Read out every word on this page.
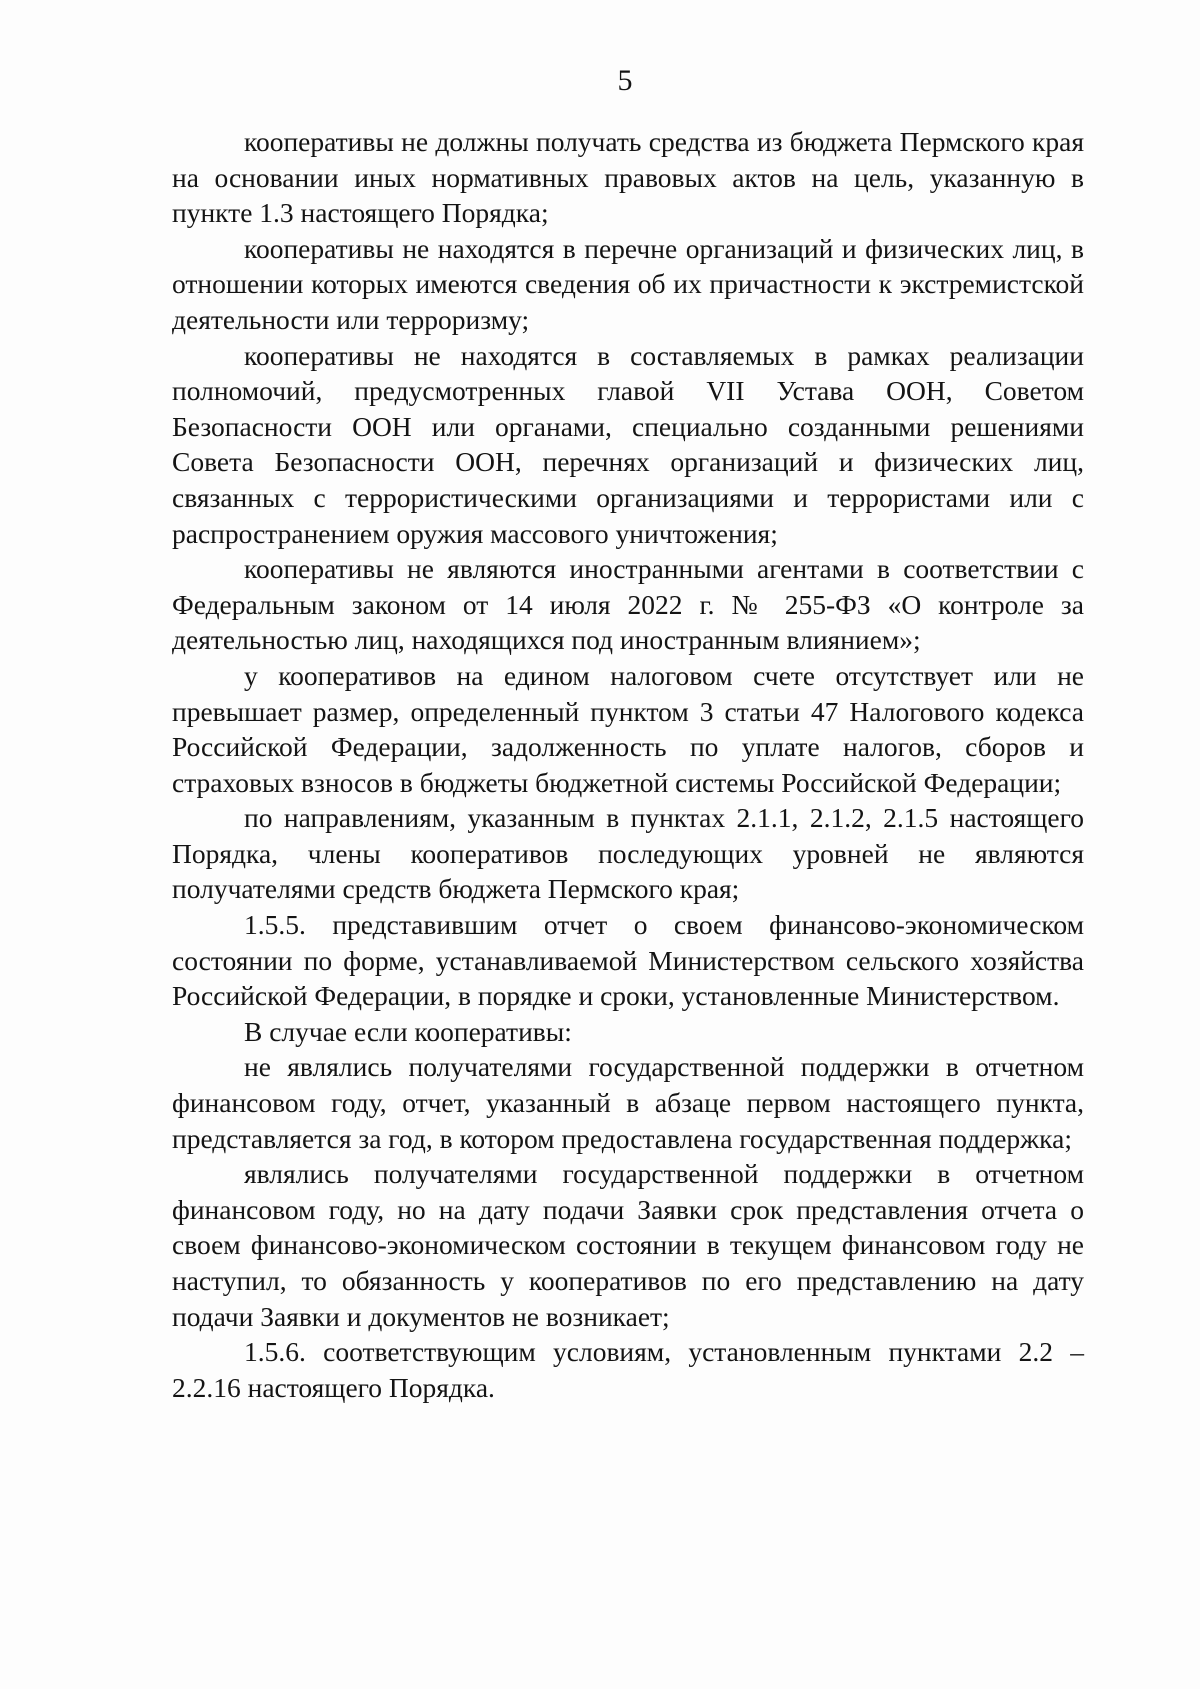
5

кооперативы не должны получать средства из бюджета Пермского края на основании иных нормативных правовых актов на цель, указанную в пункте 1.3 настоящего Порядка;

кооперативы не находятся в перечне организаций и физических лиц, в отношении которых имеются сведения об их причастности к экстремистской деятельности или терроризму;

кооперативы не находятся в составляемых в рамках реализации полномочий, предусмотренных главой VII Устава ООН, Советом Безопасности ООН или органами, специально созданными решениями Совета Безопасности ООН, перечнях организаций и физических лиц, связанных с террористическими организациями и террористами или с распространением оружия массового уничтожения;

кооперативы не являются иностранными агентами в соответствии с Федеральным законом от 14 июля 2022 г. № 255-ФЗ «О контроле за деятельностью лиц, находящихся под иностранным влиянием»;

у кооперативов на едином налоговом счете отсутствует или не превышает размер, определенный пунктом 3 статьи 47 Налогового кодекса Российской Федерации, задолженность по уплате налогов, сборов и страховых взносов в бюджеты бюджетной системы Российской Федерации;

по направлениям, указанным в пунктах 2.1.1, 2.1.2, 2.1.5 настоящего Порядка, члены кооперативов последующих уровней не являются получателями средств бюджета Пермского края;

1.5.5. представившим отчет о своем финансово-экономическом состоянии по форме, устанавливаемой Министерством сельского хозяйства Российской Федерации, в порядке и сроки, установленные Министерством.

В случае если кооперативы:

не являлись получателями государственной поддержки в отчетном финансовом году, отчет, указанный в абзаце первом настоящего пункта, представляется за год, в котором предоставлена государственная поддержка;

являлись получателями государственной поддержки в отчетном финансовом году, но на дату подачи Заявки срок представления отчета о своем финансово-экономическом состоянии в текущем финансовом году не наступил, то обязанность у кооперативов по его представлению на дату подачи Заявки и документов не возникает;

1.5.6. соответствующим условиям, установленным пунктами 2.2 – 2.2.16 настоящего Порядка.
